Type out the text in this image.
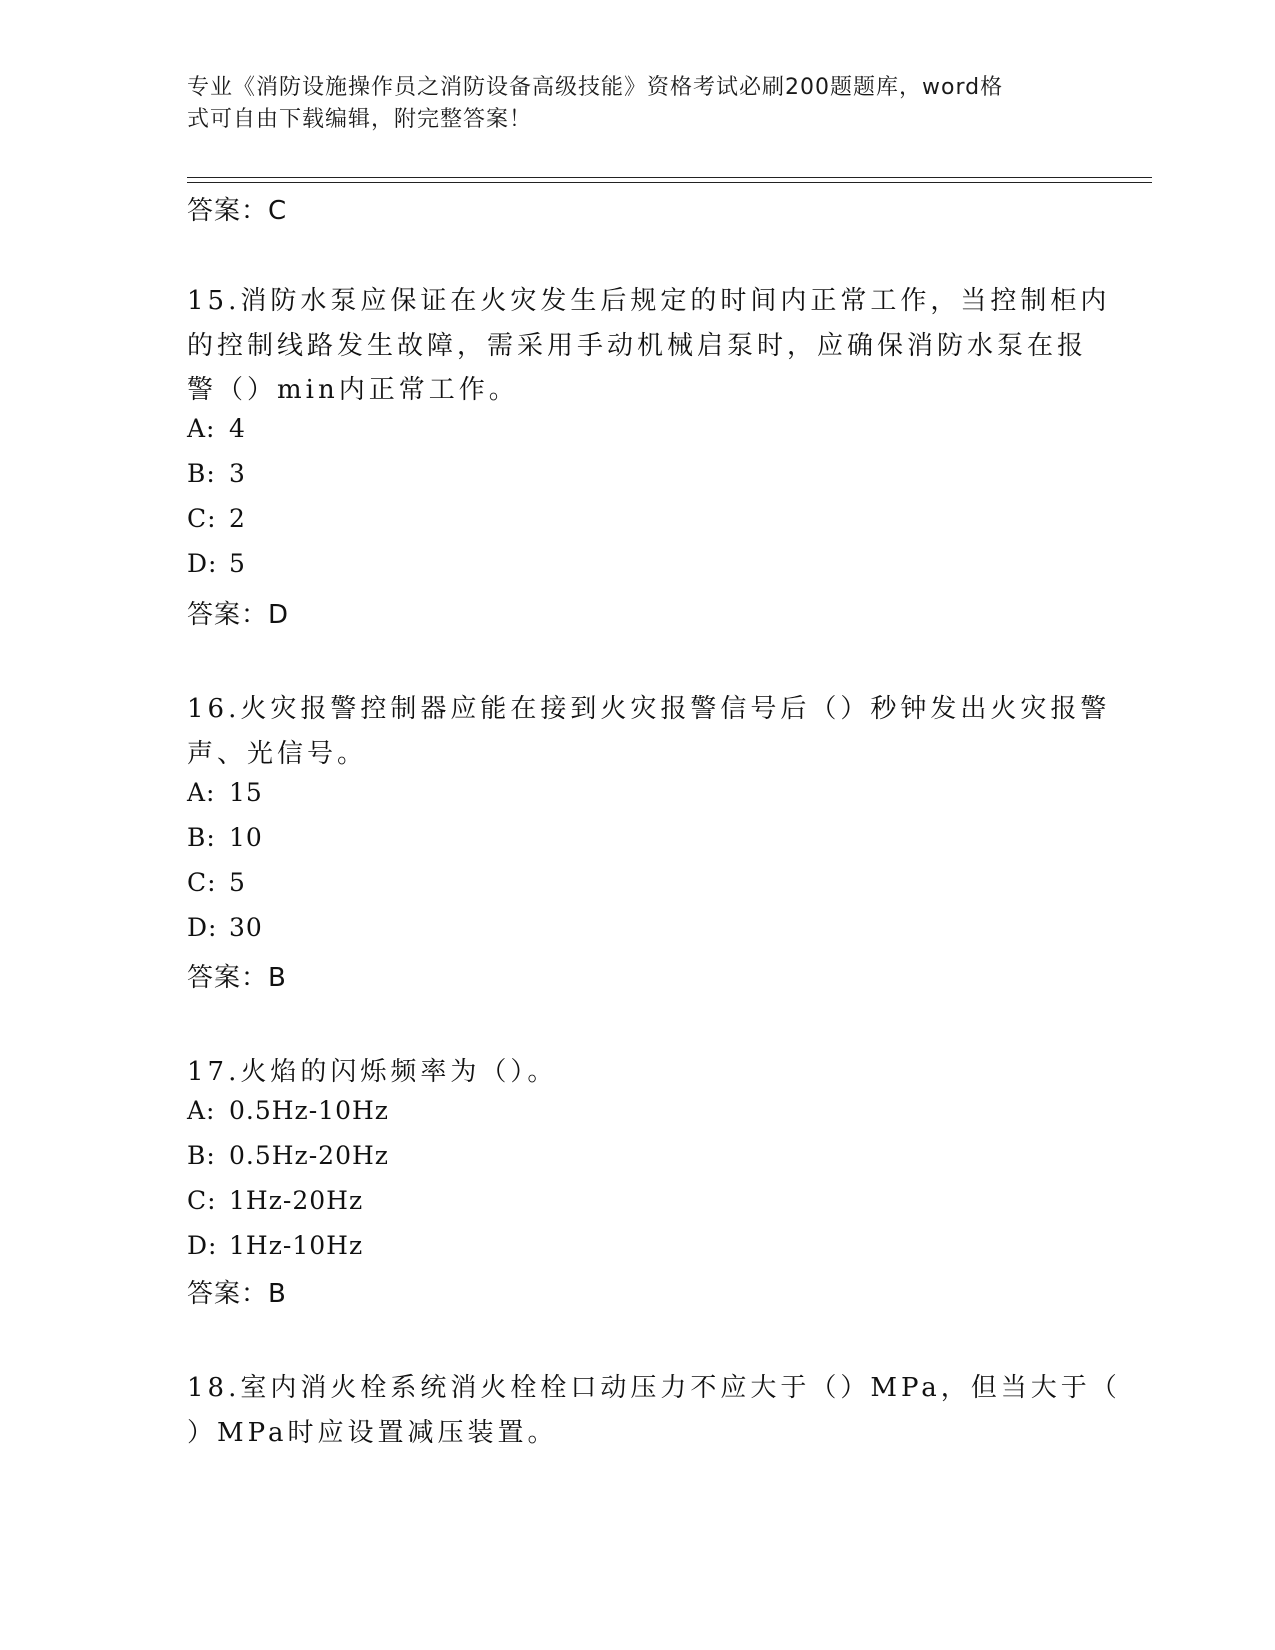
专业《消防设施操作员之消防设备高级技能》资格考试必刷200题题库，word格
式可自由下载编辑，附完整答案！
答案：C
15.消防水泵应保证在火灾发生后规定的时间内正常工作，当控制柜内
的控制线路发生故障，需采用手动机械启泵时，应确保消防水泵在报
警（）min内正常工作。
A: 4
B: 3
C: 2
D: 5
答案：D
16.火灾报警控制器应能在接到火灾报警信号后（）秒钟发出火灾报警
声、光信号。
A: 15
B: 10
C: 5
D: 30
答案：B
17.火焰的闪烁频率为（）。
A: 0.5Hz-10Hz
B: 0.5Hz-20Hz
C: 1Hz-20Hz
D: 1Hz-10Hz
答案：B
18.室内消火栓系统消火栓栓口动压力不应大于（）MPa，但当大于（
）MPa时应设置减压装置。
